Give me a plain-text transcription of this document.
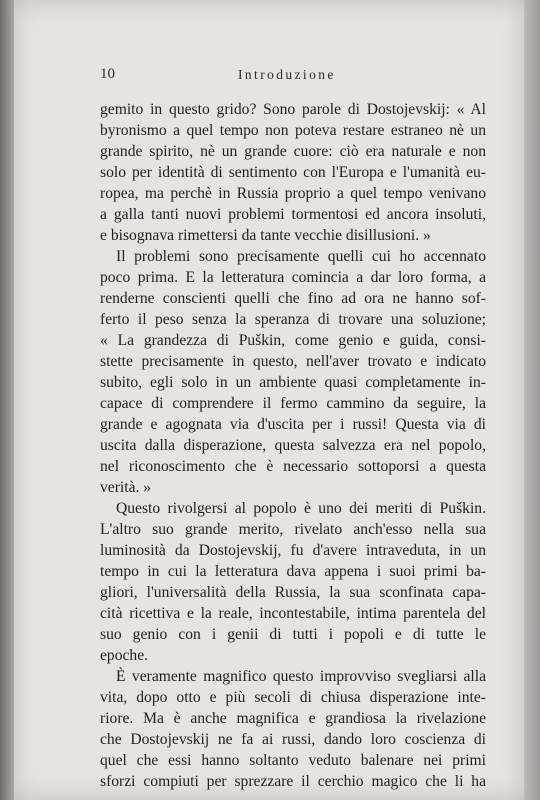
10	Introduzione
gemito in questo grido? Sono parole di Dostojevskij: « Al
byronismo a quel tempo non poteva restare estraneo nè un
grande spirito, nè un grande cuore: ciò era naturale e non
solo per identità di sentimento con l'Europa e l'umanità eu-
ropea, ma perchè in Russia proprio a quel tempo venivano
a galla tanti nuovi problemi tormentosi ed ancora insoluti,
e bisognava rimettersi da tante vecchie disillusioni. »
Il problemi sono precisamente quelli cui ho accennato
poco prima. E la letteratura comincia a dar loro forma, a
renderne conscienti quelli che fino ad ora ne hanno sof-
ferto il peso senza la speranza di trovare una soluzione;
« La grandezza di Puškin, come genio e guida, consi-
stette precisamente in questo, nell'aver trovato e indicato
subito, egli solo in un ambiente quasi completamente in-
capace di comprendere il fermo cammino da seguire, la
grande e agognata via d'uscita per i russi! Questa via di
uscita dalla disperazione, questa salvezza era nel popolo,
nel riconoscimento che è necessario sottoporsi a questa
verità. »
Questo rivolgersi al popolo è uno dei meriti di Puškin.
L'altro suo grande merito, rivelato anch'esso nella sua
luminosità da Dostojevskij, fu d'avere intraveduta, in un
tempo in cui la letteratura dava appena i suoi primi ba-
gliori, l'universalità della Russia, la sua sconfinata capa-
cità ricettiva e la reale, incontestabile, intima parentela del
suo genio con i genii di tutti i popoli e di tutte le
epoche.
È veramente magnifico questo improvviso svegliarsi alla
vita, dopo otto e più secoli di chiusa disperazione inte-
riore. Ma è anche magnifica e grandiosa la rivelazione
che Dostojevskij ne fa ai russi, dando loro coscienza di
quel che essi hanno soltanto veduto balenare nei primi
sforzi compiuti per sprezzare il cerchio magico che li ha
